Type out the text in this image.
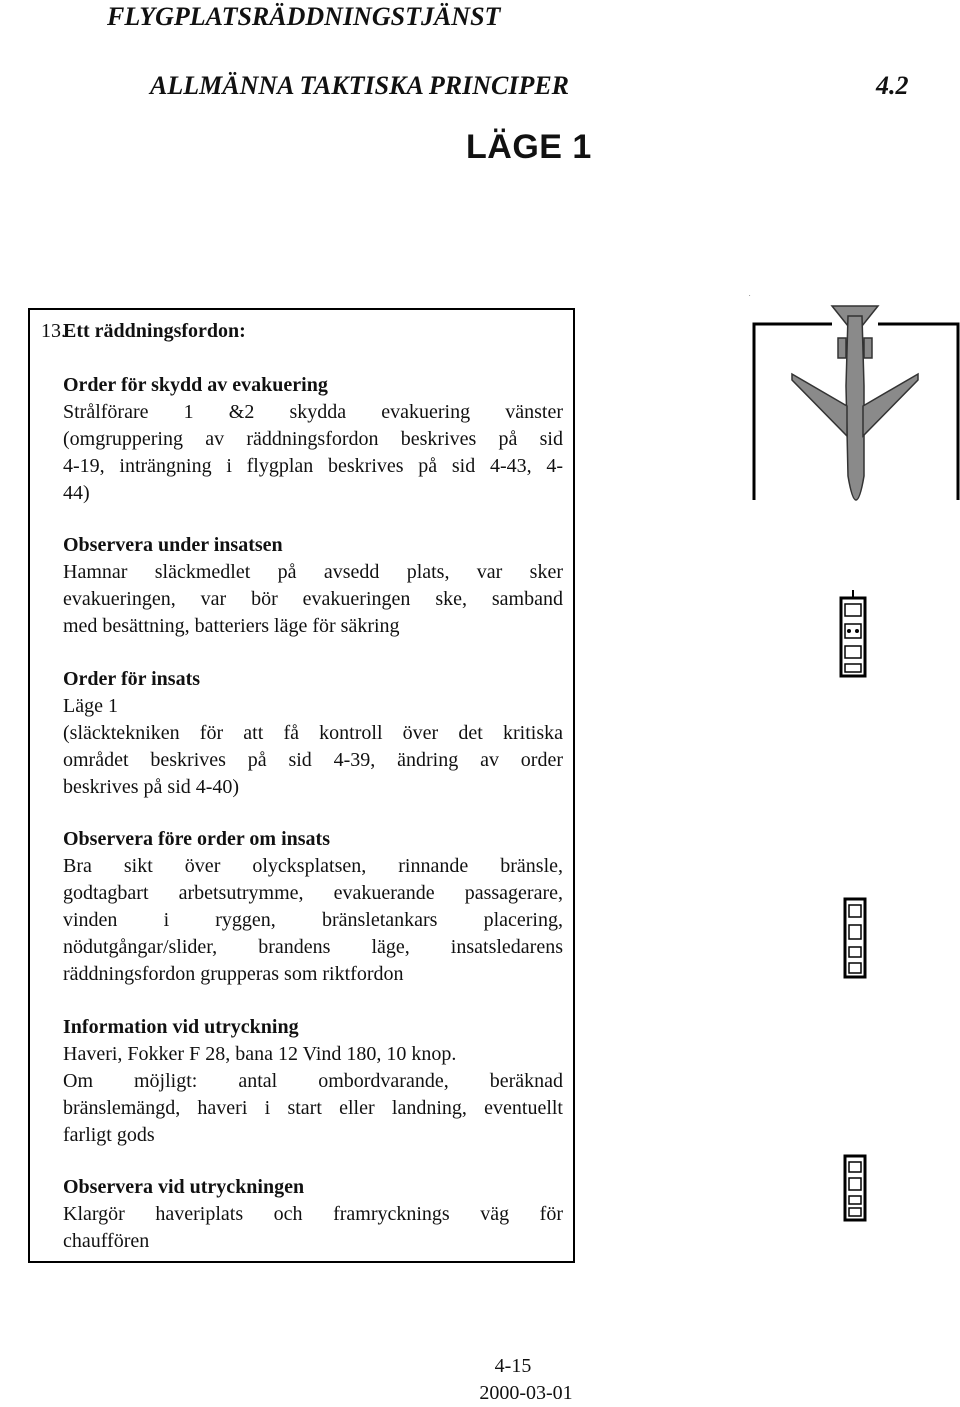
FLYGPLATSRÄDDNINGSTJÄNST
ALLMÄNNA TAKTISKA PRINCIPER	4.2
LÄGE 1
13.
Ett räddningsfordon:
Order för skydd av evakuering
Strålförare 1 &2 skydda evakuering vänster
(omgruppering av räddningsfordon beskrives på sid
4-19, inträngning i flygplan beskrives på sid 4-43, 4-
44)
Observera under insatsen
Hamnar släckmedlet på avsedd plats, var sker
evakueringen, var bör evakueringen ske, samband
med besättning, batteriers läge för säkring
Order för insats
Läge 1
(släcktekniken för att få kontroll över det kritiska
området beskrives på sid 4-39, ändring av order
beskrives på sid 4-40)
Observera före order om insats
Bra sikt över olycksplatsen, rinnande bränsle,
godtagbart arbetsutrymme, evakuerande passagerare,
vinden i ryggen, bränsletankars placering,
nödutgångar/slider, brandens läge, insatsledarens
räddningsfordon grupperas som riktfordon
Information vid utryckning
Haveri, Fokker F 28, bana 12 Vind 180, 10 knop.
Om möjligt: antal ombordvarande, beräknad
bränslemängd, haveri i start eller landning, eventuellt
farligt gods
Observera vid utryckningen
Klargör haveriplats och framrycknings väg för
chauffören
.
4-15
2000-03-01
